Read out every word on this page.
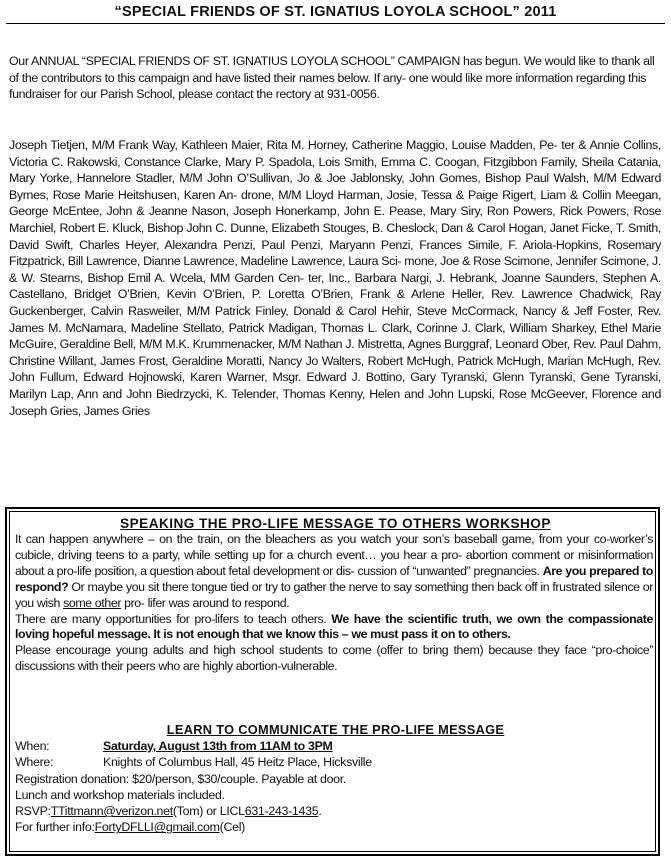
“SPECIAL FRIENDS OF ST. IGNATIUS LOYOLA SCHOOL” 2011
Our ANNUAL “SPECIAL FRIENDS OF ST. IGNATIUS LOYOLA SCHOOL” CAMPAIGN has begun. We would like to thank all of the contributors to this campaign and have listed their names below. If any- one would like more information regarding this fundraiser for our Parish School, please contact the rectory at 931-0056.
Joseph Tietjen, M/M Frank Way, Kathleen Maier, Rita M. Horney, Catherine Maggio, Louise Madden, Pe- ter & Annie Collins, Victoria C. Rakowski, Constance Clarke, Mary P. Spadola, Lois Smith, Emma C. Coogan, Fitzgibbon Family, Sheila Catania, Mary Yorke, Hannelore Stadler, M/M John O’Sullivan, Jo & Joe Jablonsky, John Gomes, Bishop Paul Walsh, M/M Edward Byrnes, Rose Marie Heitshusen, Karen An- drone, M/M Lloyd Harman, Josie, Tessa & Paige Rigert, Liam & Collin Meegan, George McEntee, John & Jeanne Nason, Joseph Honerkamp, John E. Pease, Mary Siry, Ron Powers, Rick Powers, Rose Marchiel, Robert E. Kluck, Bishop John C. Dunne, Elizabeth Stouges, B. Cheslock, Dan & Carol Hogan, Janet Ficke, T. Smith, David Swift, Charles Heyer, Alexandra Penzi, Paul Penzi, Maryann Penzi, Frances Simile, F. Ariola-Hopkins, Rosemary Fitzpatrick, Bill Lawrence, Dianne Lawrence, Madeline Lawrence, Laura Sci- mone, Joe & Rose Scimone, Jennifer Scimone, J. & W. Stearns, Bishop Emil A. Wcela, MM Garden Cen- ter, Inc., Barbara Nargi, J. Hebrank, Joanne Saunders, Stephen A. Castellano, Bridget O’Brien, Kevin O’Brien, P. Loretta O’Brien, Frank & Arlene Heller, Rev. Lawrence Chadwick, Ray Guckenberger, Calvin Rasweiler, M/M Patrick Finley, Donald & Carol Hehir, Steve McCormack, Nancy & Jeff Foster, Rev. James M. McNamara, Madeline Stellato, Patrick Madigan, Thomas L. Clark, Corinne J. Clark, William Sharkey, Ethel Marie McGuire, Geraldine Bell, M/M M.K. Krummenacker, M/M Nathan J. Mistretta, Agnes Burggraf, Leonard Ober, Rev. Paul Dahm, Christine Willant, James Frost, Geraldine Moratti, Nancy Jo Walters, Robert McHugh, Patrick McHugh, Marian McHugh, Rev. John Fullum, Edward Hojnowski, Karen Warner, Msgr. Edward J. Bottino, Gary Tyranski, Glenn Tyranski, Gene Tyranski, Marilyn Lap, Ann and John Biedrzycki, K. Telender, Thomas Kenny, Helen and John Lupski, Rose McGeever, Florence and Joseph Gries, James Gries
SPEAKING THE PRO-LIFE MESSAGE TO OTHERS WORKSHOP

It can happen anywhere – on the train, on the bleachers as you watch your son’s baseball game, from your co-worker’s cubicle, driving teens to a party, while setting up for a church event… you hear a pro- abortion comment or misinformation about a pro-life position, a question about fetal development or dis- cussion of “unwanted” pregnancies. Are you prepared to respond? Or maybe you sit there tongue tied or try to gather the nerve to say something then back off in frustrated silence or you wish some other pro- lifer was around to respond.

There are many opportunities for pro-lifers to teach others. We have the scientific truth, we own the compassionate loving hopeful message. It is not enough that we know this – we must pass it on to others.

Please encourage young adults and high school students to come (offer to bring them) because they face “pro-choice” discussions with their peers who are highly abortion-vulnerable.

LEARN TO COMMUNICATE THE PRO-LIFE MESSAGE
When:	Saturday, August 13th from 11AM to 3PM
Where:	Knights of Columbus Hall, 45 Heitz Place, Hicksville
Registration donation: $20/person, $30/couple. Payable at door.
Lunch and workshop materials included.
RSVP: TTittmann@verizon.net (Tom) or LICL 631-243-1435 .
For further info: FortyDFLLI@gmail.com (Cel)
